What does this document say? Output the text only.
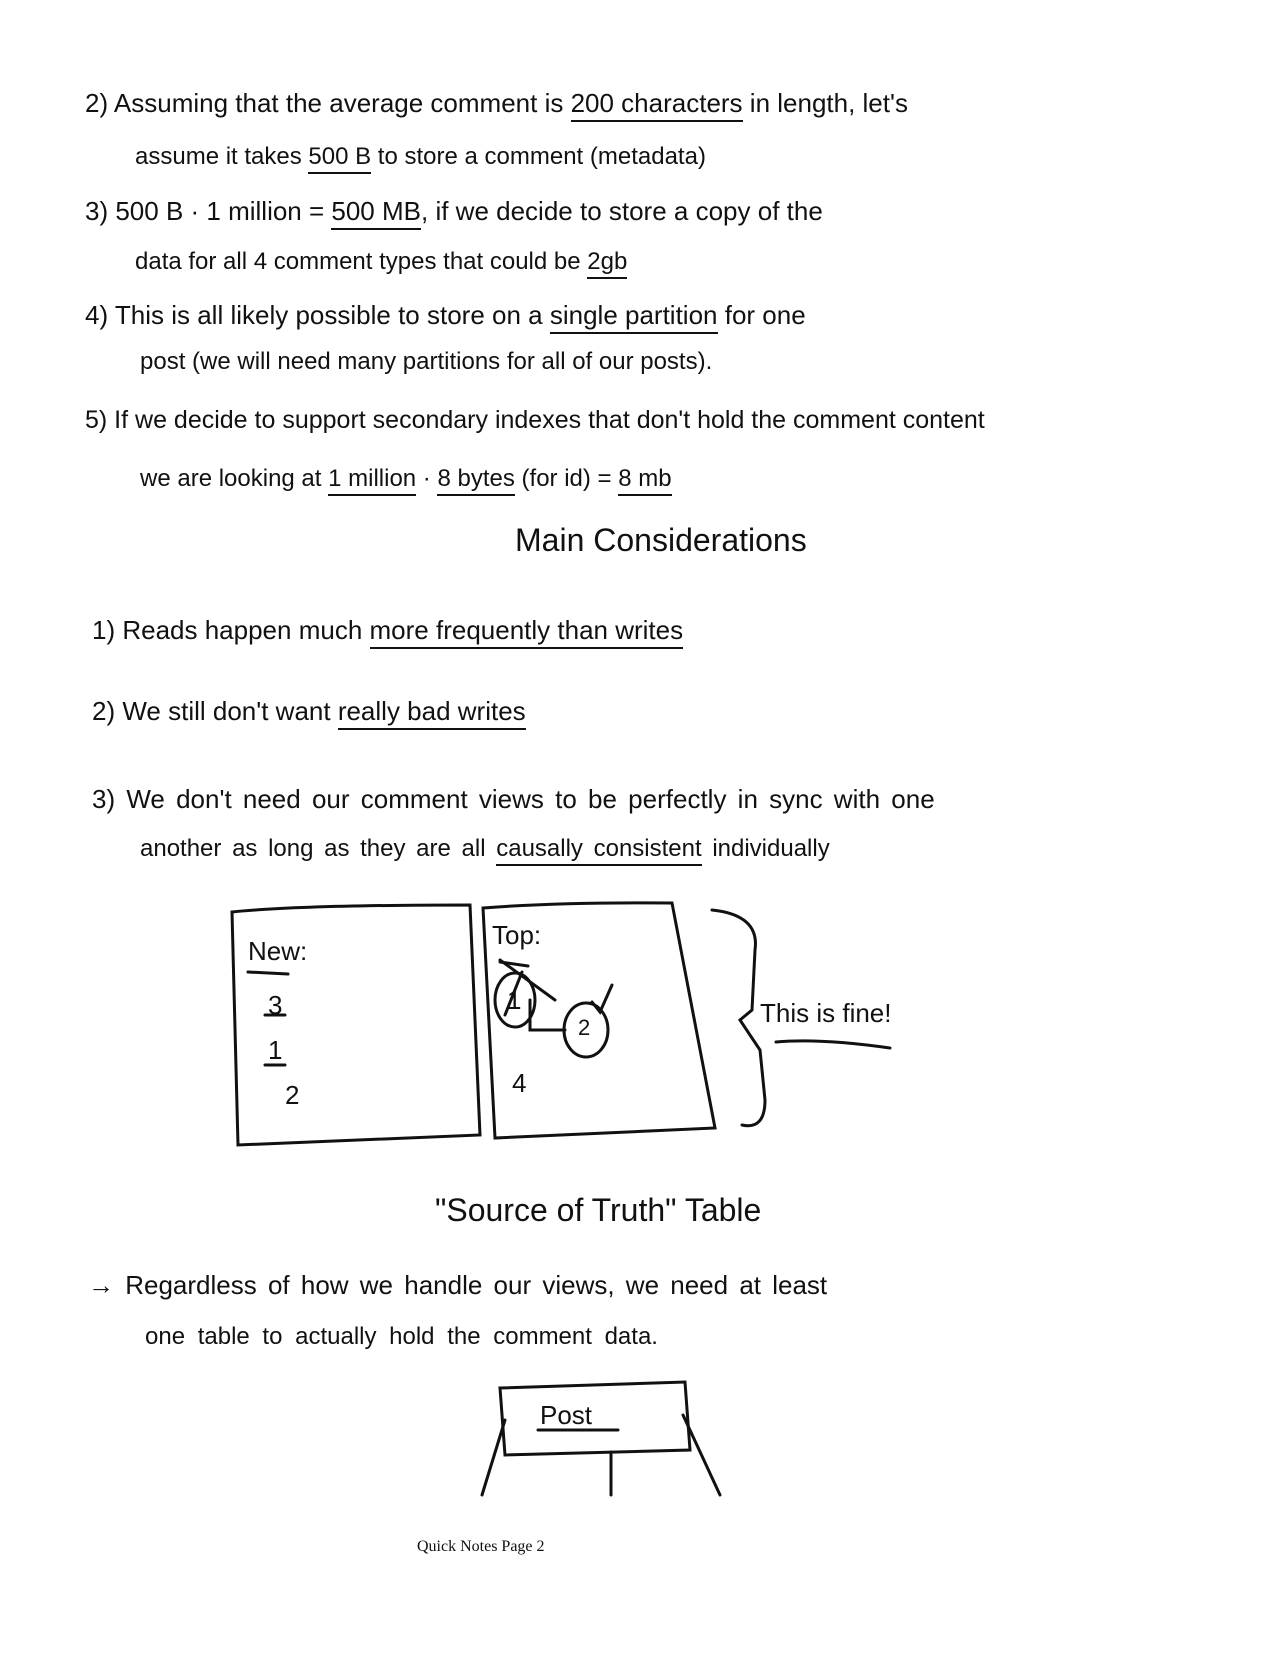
2) Assuming that the average comment is 200 characters in length, let's
assume it takes 500 B to store a comment (metadata)
3) 500 B · 1 million = 500 MB, if we decide to store a copy of the
data for all 4 comment types that could be 2gb
4) This is all likely possible to store on a single partition for one
post (we will need many partitions for all of our posts).
5) If we decide to support secondary indexes that don't hold the comment content
we are looking at 1 million · 8 bytes (for id) = 8 mb
Main Considerations
1) Reads happen much more frequently than writes
2) We still don't want really bad writes
3) We don't need our comment views to be perfectly in sync with one
another as long as they are all causally consistent individually
New:
3
1
2
Top:
1
2
4
This is fine!
"Source of Truth" Table
→ Regardless of how we handle our views, we need at least
one table to actually hold the comment data.
Post
Quick Notes Page 2
